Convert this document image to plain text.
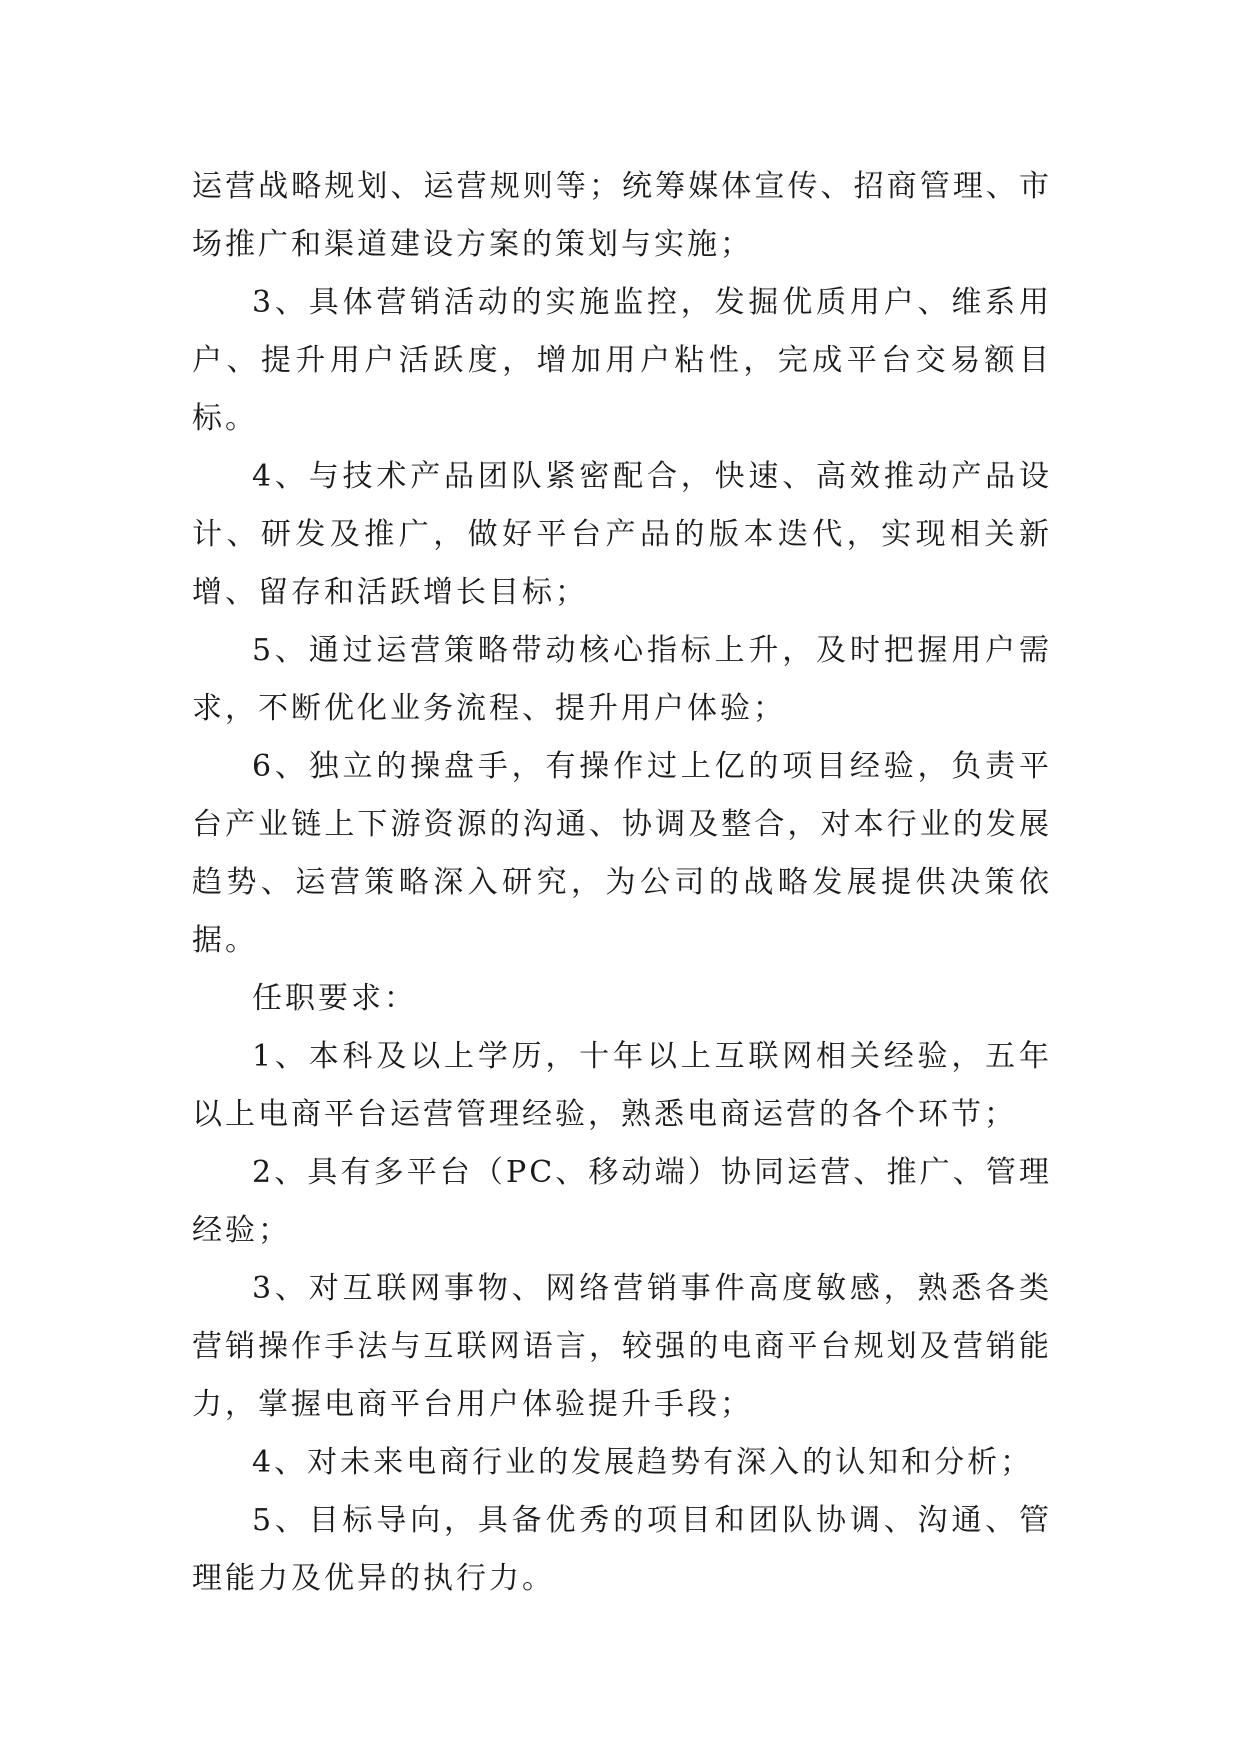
运营战略规划、运营规则等；统筹媒体宣传、招商管理、市场推广和渠道建设方案的策划与实施；

3、具体营销活动的实施监控，发掘优质用户、维系用户、提升用户活跃度，增加用户粘性，完成平台交易额目标。

4、与技术产品团队紧密配合，快速、高效推动产品设计、研发及推广，做好平台产品的版本迭代，实现相关新增、留存和活跃增长目标；

5、通过运营策略带动核心指标上升，及时把握用户需求，不断优化业务流程、提升用户体验；

6、独立的操盘手，有操作过上亿的项目经验，负责平台产业链上下游资源的沟通、协调及整合，对本行业的发展趋势、运营策略深入研究，为公司的战略发展提供决策依据。

任职要求：

1、本科及以上学历，十年以上互联网相关经验，五年以上电商平台运营管理经验，熟悉电商运营的各个环节；

2、具有多平台（PC、移动端）协同运营、推广、管理经验；

3、对互联网事物、网络营销事件高度敏感，熟悉各类营销操作手法与互联网语言，较强的电商平台规划及营销能力，掌握电商平台用户体验提升手段；

4、对未来电商行业的发展趋势有深入的认知和分析；

5、目标导向，具备优秀的项目和团队协调、沟通、管理能力及优异的执行力。
